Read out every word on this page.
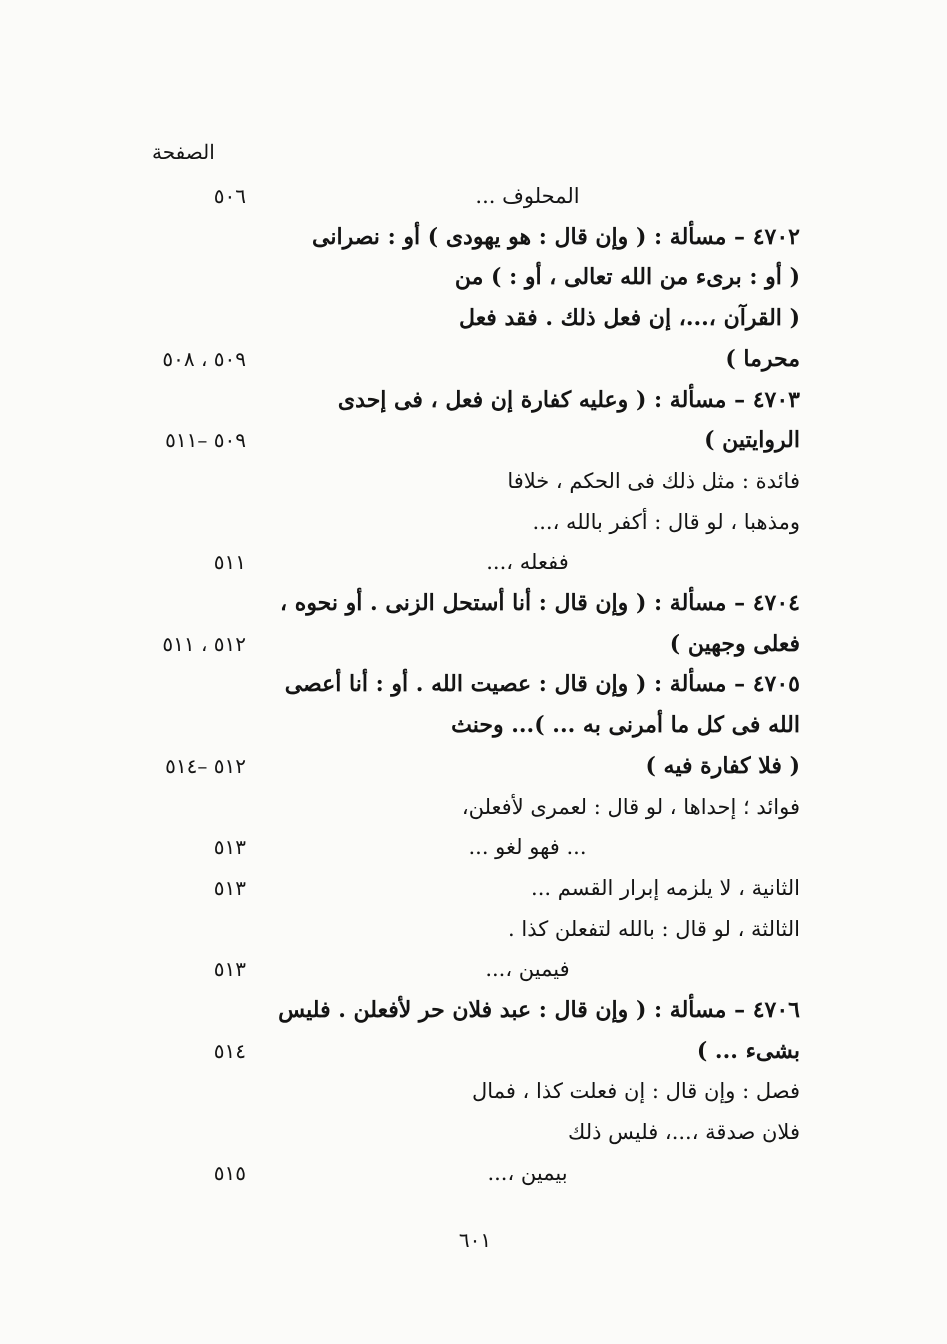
الصفحة
المحلوف ...
٥٠٦
٤٧٠٢ – مسألة : ( وإن قال : هو يهودى ) أو : نصرانى
( أو : برىء من الله تعالى ، أو : ) من
( القرآن ،...، إن فعل ذلك . فقد فعل
محرما )
٥٠٩ ، ٥٠٨
٤٧٠٣ – مسألة : ( وعليه كفارة إن فعل ، فى إحدى
الروايتين )
٥٠٩ –٥١١
فائدة : مثل ذلك فى الحكم ، خلافا
ومذهبا ، لو قال : أكفر بالله ،...
ففعله ،...
٥١١
٤٧٠٤ – مسألة : ( وإن قال : أنا أستحل الزنى . أو نحوه ،
فعلى وجهين )
٥١٢ ، ٥١١
٤٧٠٥ – مسألة : ( وإن قال : عصيت الله . أو : أنا أعصى
الله فى كل ما أمرنى به ... )... وحنث
( فلا كفارة فيه )
٥١٢ –٥١٤
فوائد ؛ إحداها ، لو قال : لعمرى لأفعلن،
... فهو لغو ...
٥١٣
الثانية ، لا يلزمه إبرار القسم ...
٥١٣
الثالثة ، لو قال : بالله لتفعلن كذا .
فيمين ،...
٥١٣
٤٧٠٦ – مسألة : ( وإن قال : عبد فلان حر لأفعلن . فليس
بشىء ... )
٥١٤
فصل : وإن قال : إن فعلت كذا ، فمال
فلان صدقة ،...، فليس ذلك
بيمين ،...
٥١٥
٦٠١
